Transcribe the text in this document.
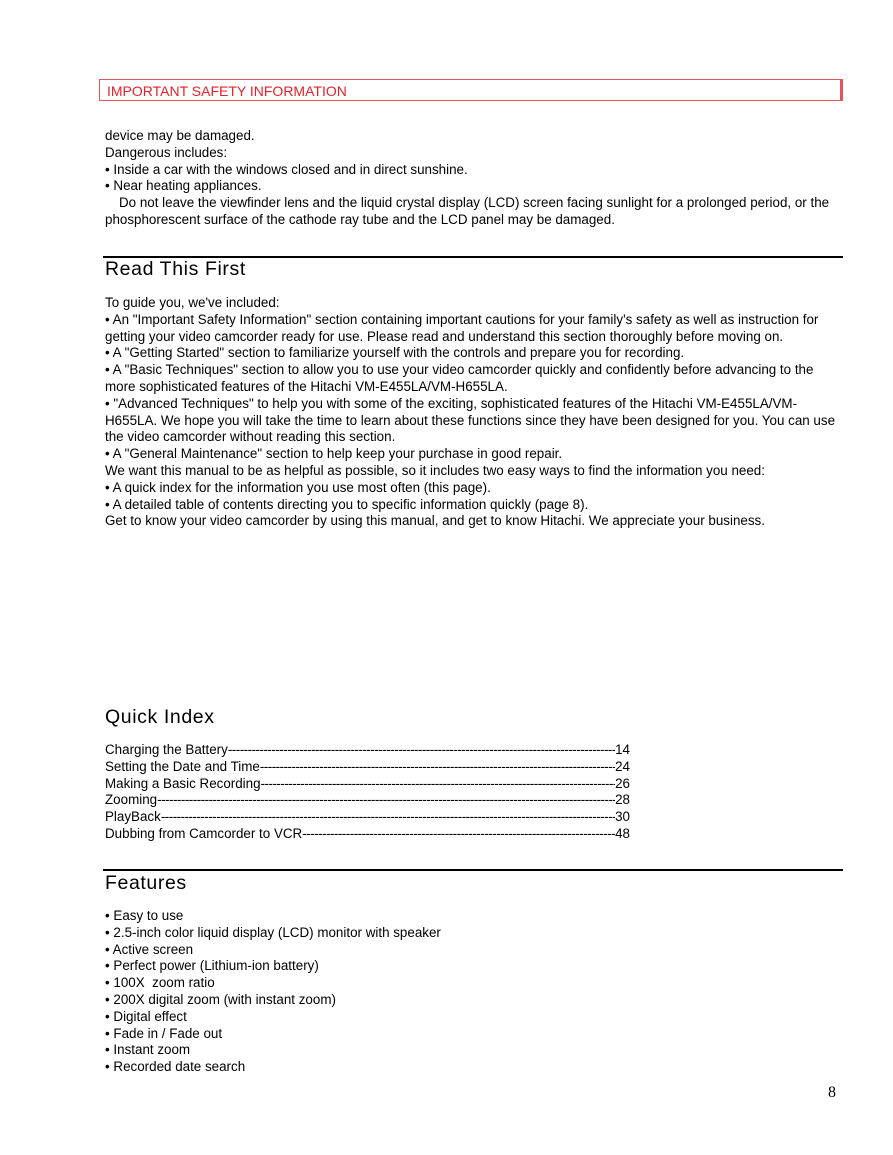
IMPORTANT SAFETY INFORMATION

device may be damaged.

Dangerous includes:

• Inside a car with the windows closed and in direct sunshine.

• Near heating appliances.

Do not leave the viewfinder lens and the liquid crystal display (LCD) screen facing sunlight for a prolonged period, or the phosphorescent surface of the cathode ray tube and the LCD panel may be damaged.

Read This First

To guide you, we've included:

• An "Important Safety Information" section containing important cautions for your family's safety as well as instruction for getting your video camcorder ready for use. Please read and understand this section thoroughly before moving on.

• A "Getting Started" section to familiarize yourself with the controls and prepare you for recording.

• A "Basic Techniques" section to allow you to use your video camcorder quickly and confidently before advancing to the more sophisticated features of the Hitachi VM-E455LA/VM-H655LA.

• "Advanced Techniques" to help you with some of the exciting, sophisticated features of the Hitachi VM-E455LA/VM-H655LA. We hope you will take the time to learn about these functions since they have been designed for you. You can use the video camcorder without reading this section.

• A "General Maintenance" section to help keep your purchase in good repair.

We want this manual to be as helpful as possible, so it includes two easy ways to find the information you need:

• A quick index for the information you use most often (this page).

• A detailed table of contents directing you to specific information quickly (page 8).

Get to know your video camcorder by using this manual, and get to know Hitachi. We appreciate your business.

Quick Index
Charging the Battery -----	14
Setting the Date and Time -----	24
Making a Basic Recording -----	26
Zooming -----	28
PlayBack -----	30
Dubbing from Camcorder to VCR -----	48
Features

• Easy to use

• 2.5-inch color liquid display (LCD) monitor with speaker

• Active screen

• Perfect power (Lithium-ion battery)

• 100X  zoom ratio

• 200X digital zoom (with instant zoom)

• Digital effect

• Fade in / Fade out

• Instant zoom

• Recorded date search

8
